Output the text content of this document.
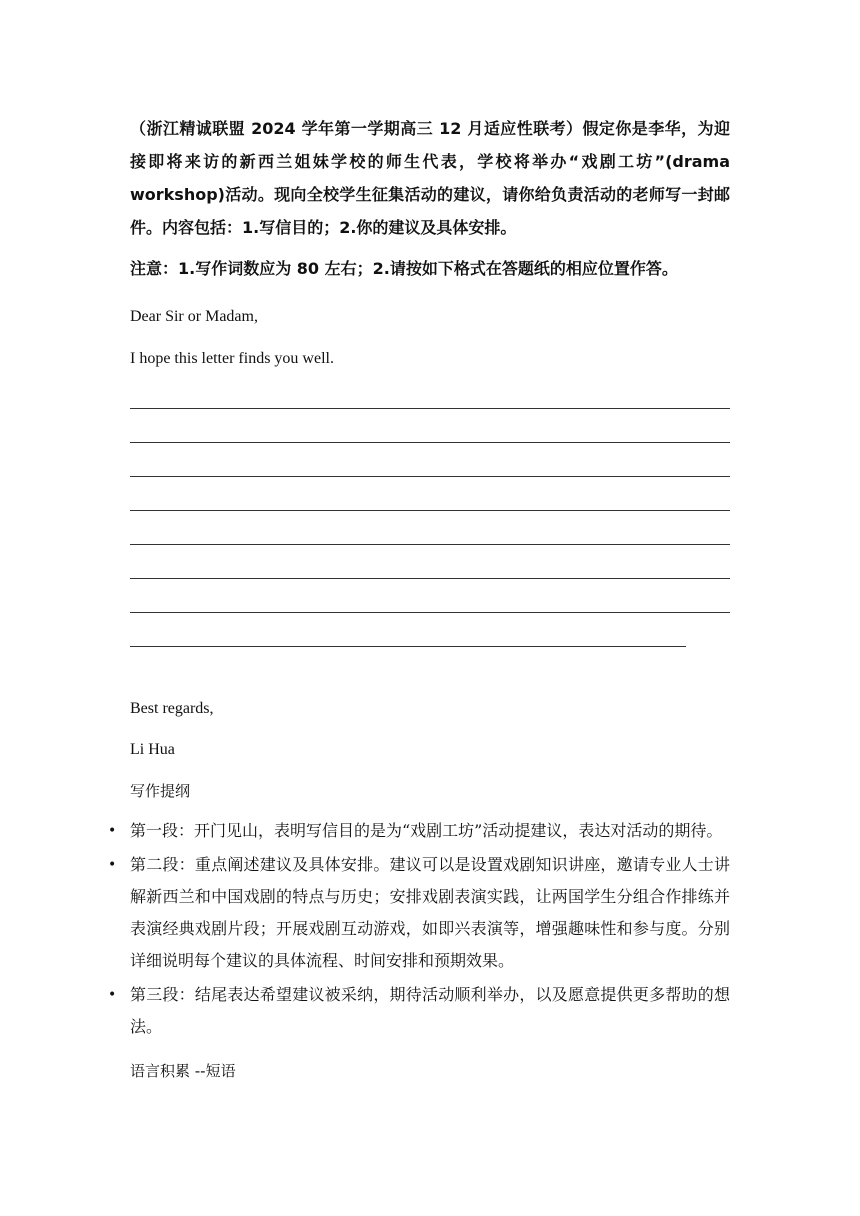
（浙江精诚联盟 2024 学年第一学期高三 12 月适应性联考）假定你是李华，为迎接即将来访的新西兰姐妹学校的师生代表，学校将举办“戏剧工坊”(drama workshop)活动。现向全校学生征集活动的建议，请你给负责活动的老师写一封邮件。内容包括：1.写信目的；2.你的建议及具体安排。

注意：1.写作词数应为 80 左右；2.请按如下格式在答题纸的相应位置作答。

Dear Sir or Madam,

I hope this letter finds you well.

Best regards,

Li Hua

写作提纲
• 第一段：开门见山，表明写信目的是为“戏剧工坊”活动提建议，表达对活动的期待。
• 第二段：重点阐述建议及具体安排。建议可以是设置戏剧知识讲座，邀请专业人士讲解新西兰和中国戏剧的特点与历史；安排戏剧表演实践，让两国学生分组合作排练并表演经典戏剧片段；开展戏剧互动游戏，如即兴表演等，增强趣味性和参与度。分别详细说明每个建议的具体流程、时间安排和预期效果。
• 第三段：结尾表达希望建议被采纳，期待活动顺利举办，以及愿意提供更多帮助的想法。
语言积累 --短语
